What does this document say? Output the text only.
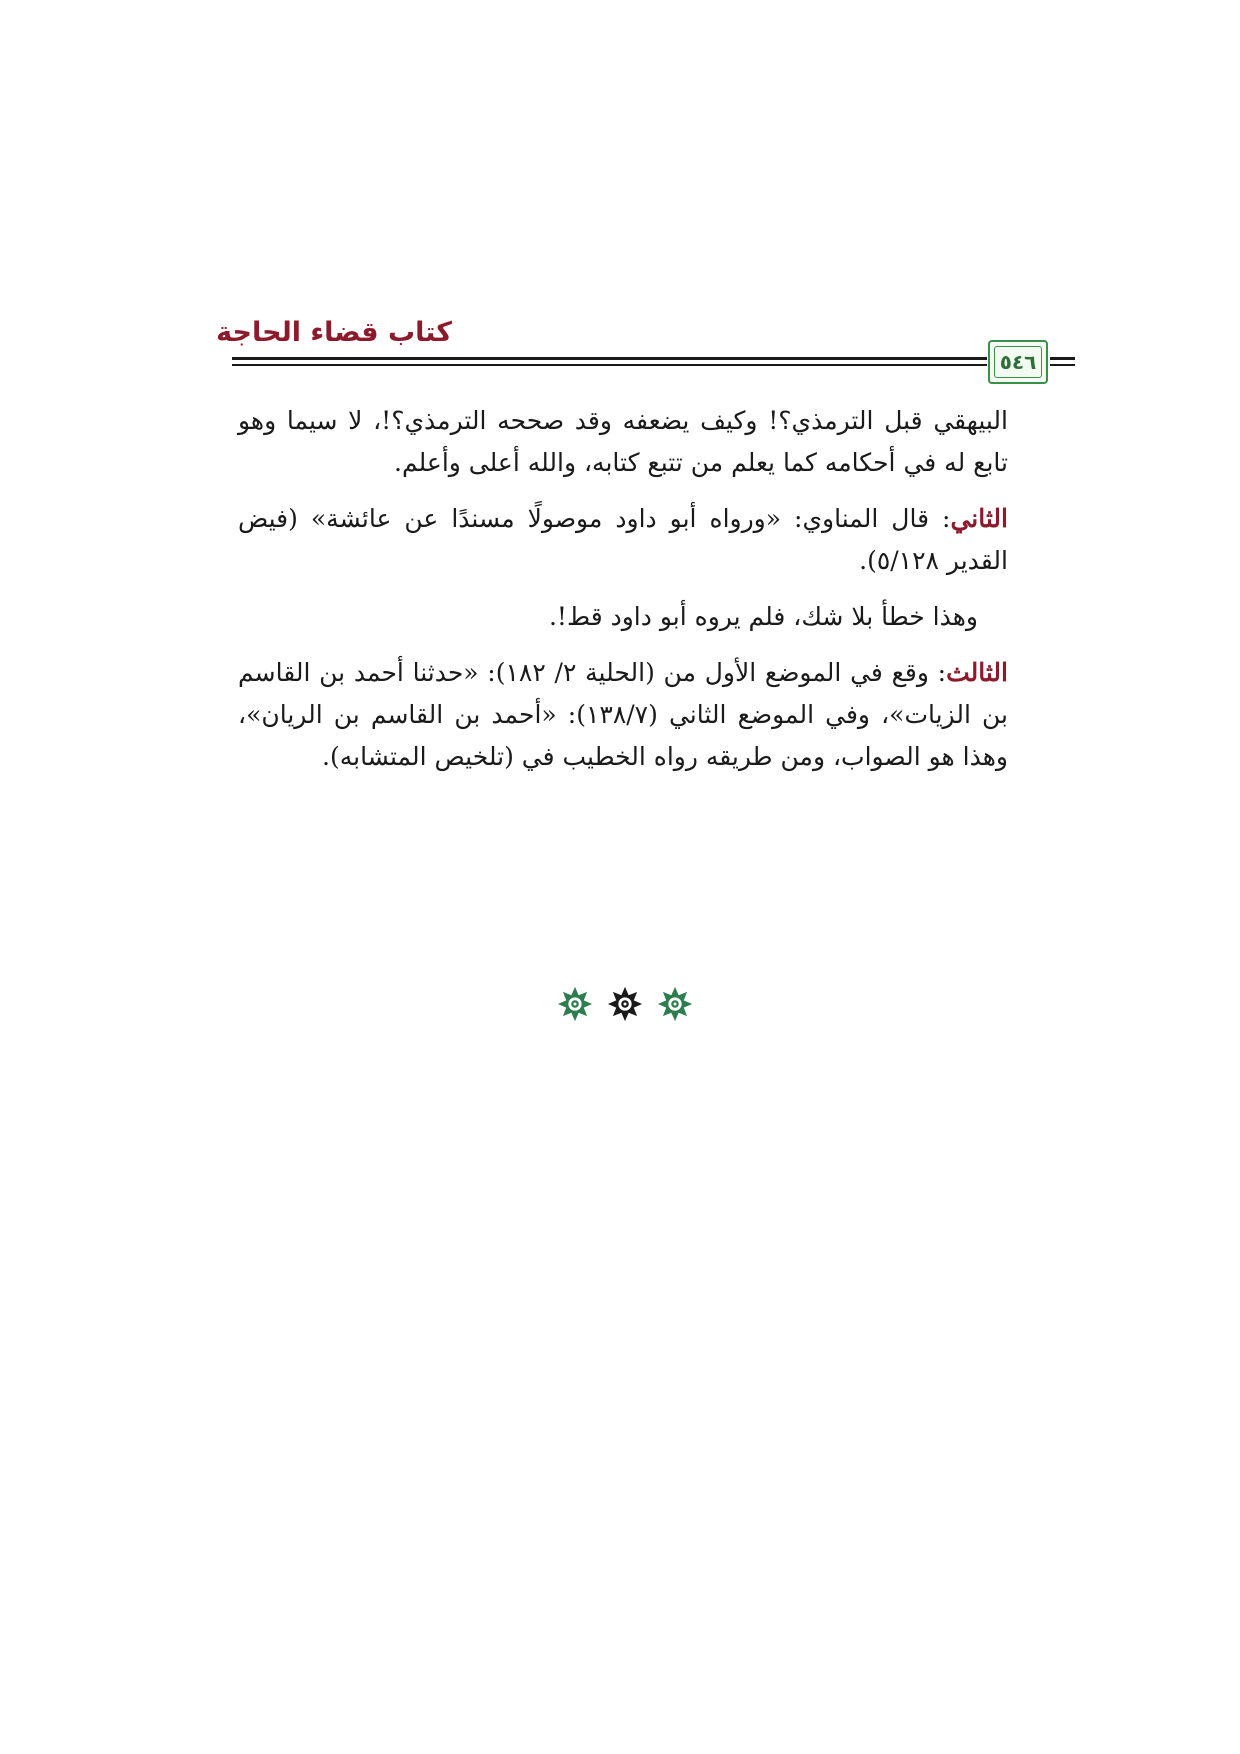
كتاب قضاء الحاجة
٥٤٦

البيهقي قبل الترمذي؟! وكيف يضعفه وقد صححه الترمذي؟!، لا سيما وهو تابع له في أحكامه كما يعلم من تتبع كتابه، والله أعلى وأعلم.

الثاني: قال المناوي: «ورواه أبو داود موصولًا مسندًا عن عائشة» (فيض القدير ٥/١٢٨).

وهذا خطأ بلا شك، فلم يروه أبو داود قط!.

الثالث: وقع في الموضع الأول من (الحلية ٢/ ١٨٢): «حدثنا أحمد بن القاسم بن الزيات»، وفي الموضع الثاني (١٣٨/٧): «أحمد بن القاسم بن الريان»، وهذا هو الصواب، ومن طريقه رواه الخطيب في (تلخيص المتشابه).
